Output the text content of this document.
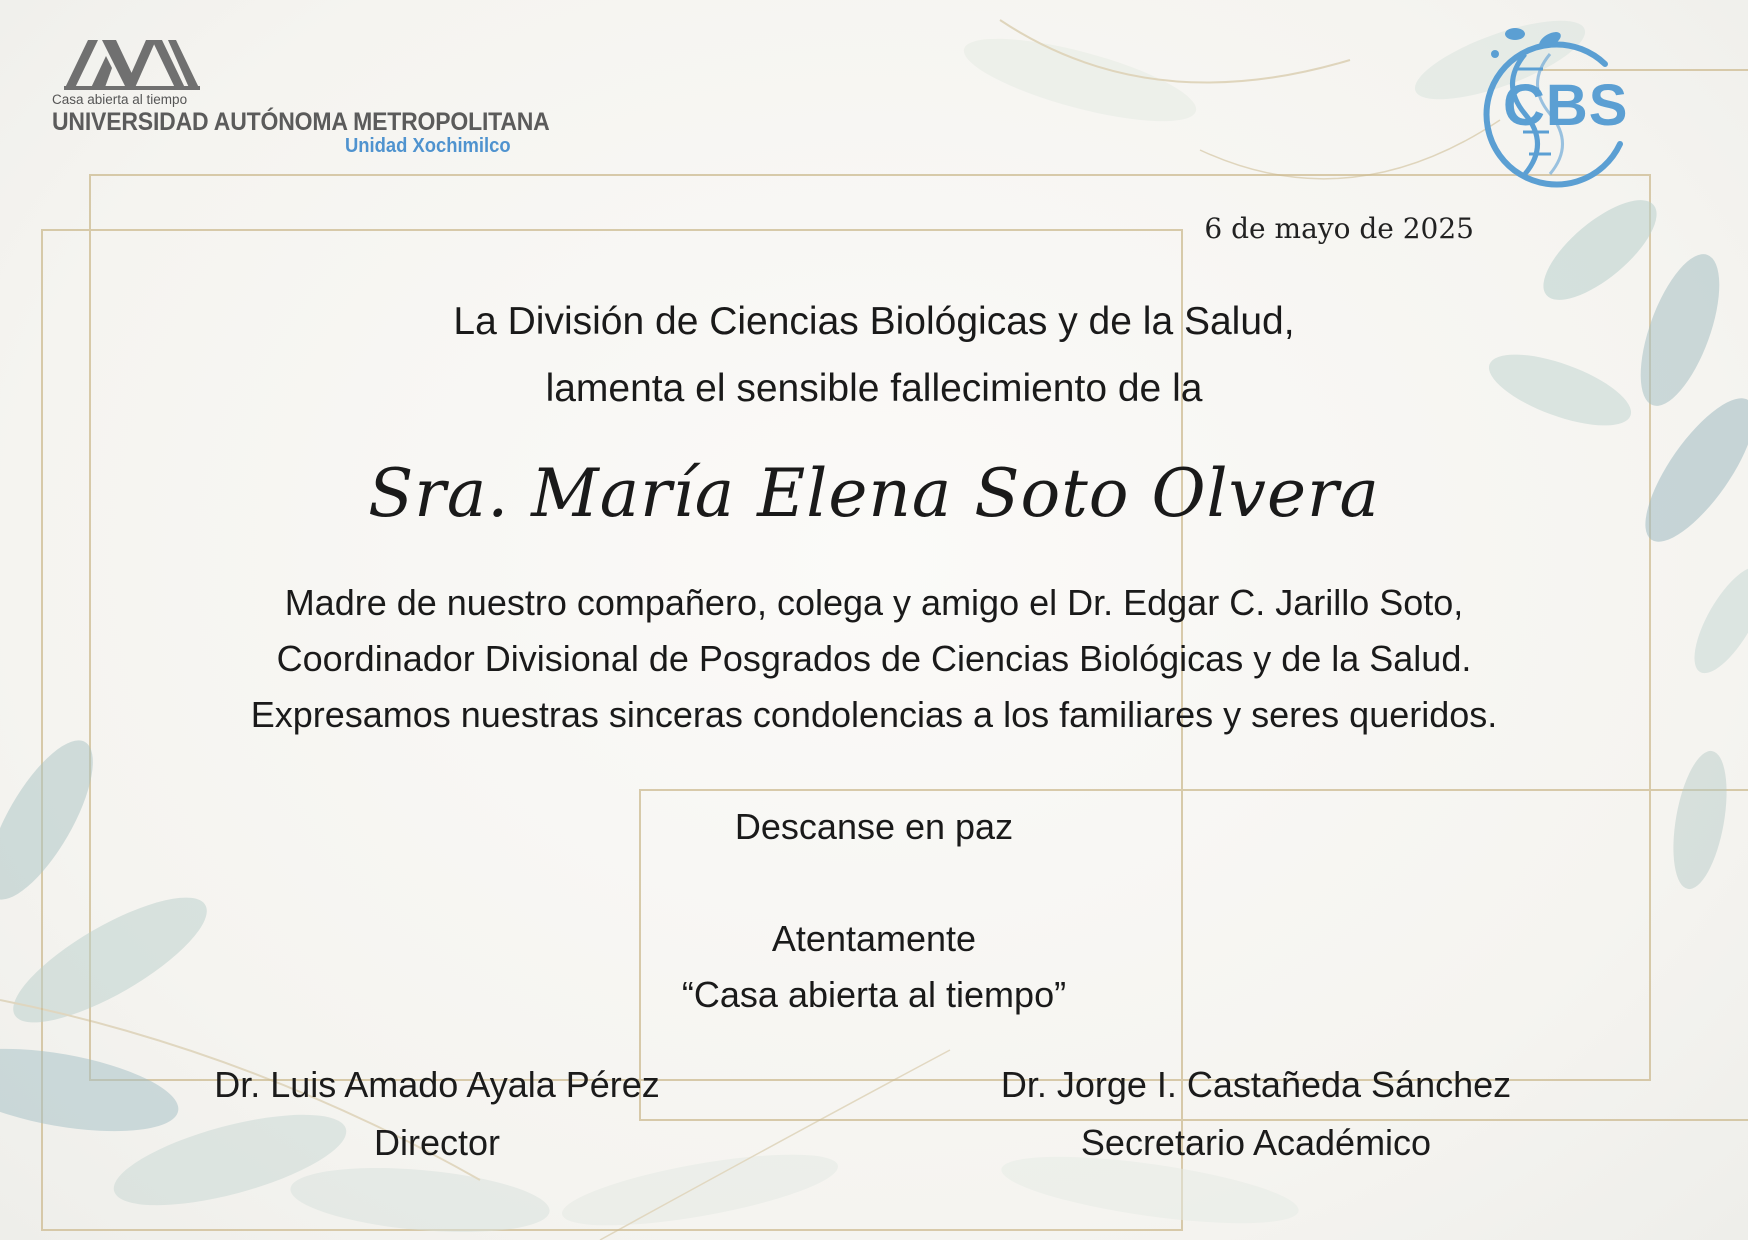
Casa abierta al tiempo
UNIVERSIDAD AUTÓNOMA METROPOLITANA
Unidad Xochimilco
CBS
6 de mayo de 2025
La División de Ciencias Biológicas y de la Salud,
lamenta el sensible fallecimiento de la
Sra. María Elena Soto Olvera
Madre de nuestro compañero, colega y amigo el Dr. Edgar C. Jarillo Soto,
Coordinador Divisional de Posgrados de Ciencias Biológicas y de la Salud.
Expresamos nuestras sinceras condolencias a los familiares y seres queridos.
Descanse en paz
Atentamente
“Casa abierta al tiempo”
Dr. Luis Amado Ayala Pérez
Director
Dr. Jorge I. Castañeda Sánchez
Secretario Académico
